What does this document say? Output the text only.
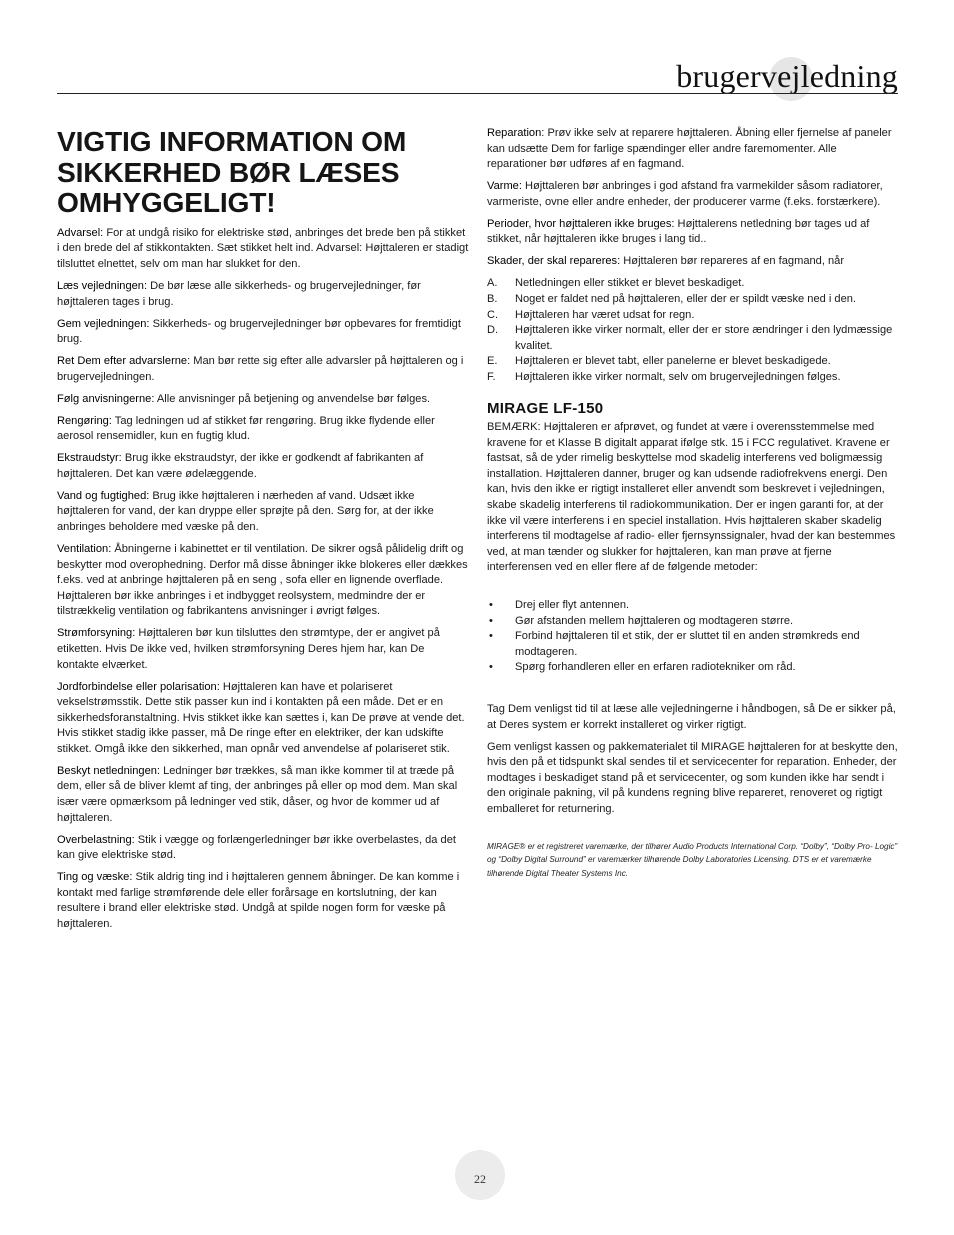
brugervejledning
VIGTIG INFORMATION OM SIKKERHED BØR LÆSES OMHYGGELIGT!

Advarsel: For at undgå risiko for elektriske stød, anbringes det brede ben på stikket i den brede del af stikkontakten. Sæt stikket helt ind. Advarsel: Højttaleren er stadigt tilsluttet elnettet, selv om man har slukket for den.

Læs vejledningen: De bør læse alle sikkerheds- og brugervejledninger, før højttaleren tages i brug.

Gem vejledningen: Sikkerheds- og brugervejledninger bør opbevares for fremtidigt brug.

Ret Dem efter advarslerne: Man bør rette sig efter alle advarsler på højttaleren og i brugervejledningen.

Følg anvisningerne: Alle anvisninger på betjening og anvendelse bør følges.

Rengøring: Tag ledningen ud af stikket før rengøring. Brug ikke flydende eller aerosol rensemidler, kun en fugtig klud.

Ekstraudstyr: Brug ikke ekstraudstyr, der ikke er godkendt af fabrikanten af højttaleren. Det kan være ødelæggende.

Vand og fugtighed: Brug ikke højttaleren i nærheden af vand. Udsæt ikke højttaleren for vand, der kan dryppe eller sprøjte på den. Sørg for, at der ikke anbringes beholdere med væske på den.

Ventilation: Åbningerne i kabinettet er til ventilation. De sikrer også pålidelig drift og beskytter mod overophedning. Derfor må disse åbninger ikke blokeres eller dækkes f.eks. ved at anbringe højttaleren på en seng , sofa eller en lignende overflade. Højttaleren bør ikke anbringes i et indbygget reolsystem, medmindre der er tilstrækkelig ventilation og fabrikantens anvisninger i øvrigt følges.

Strømforsyning: Højttaleren bør kun tilsluttes den strømtype, der er angivet på etiketten. Hvis De ikke ved, hvilken strømforsyning Deres hjem har, kan De kontakte elværket.

Jordforbindelse eller polarisation: Højttaleren kan have et polariseret vekselstrømsstik. Dette stik passer kun ind i kontakten på een måde. Det er en sikkerhedsforanstaltning. Hvis stikket ikke kan sættes i, kan De prøve at vende det. Hvis stikket stadig ikke passer, må De ringe efter en elektriker, der kan udskifte stikket. Omgå ikke den sikkerhed, man opnår ved anvendelse af polariseret stik.

Beskyt netledningen: Ledninger bør trækkes, så man ikke kommer til at træde på dem, eller så de bliver klemt af ting, der anbringes på eller op mod dem. Man skal især være opmærksom på ledninger ved stik, dåser, og hvor de kommer ud af højttaleren.

Overbelastning: Stik i vægge og forlængerledninger bør ikke overbelastes, da det kan give elektriske stød.

Ting og væske: Stik aldrig ting ind i højttaleren gennem åbninger. De kan komme i kontakt med farlige strømførende dele eller forårsage en kortslutning, der kan resultere i brand eller elektriske stød. Undgå at spilde nogen form for væske på højttaleren.

Reparation: Prøv ikke selv at reparere højttaleren. Åbning eller fjernelse af paneler kan udsætte Dem for farlige spændinger eller andre faremomenter. Alle reparationer bør udføres af en fagmand.

Varme: Højttaleren bør anbringes i god afstand fra varmekilder såsom radiatorer, varmeriste, ovne eller andre enheder, der producerer varme (f.eks. forstærkere).

Perioder, hvor højttaleren ikke bruges: Højttalerens netledning bør tages ud af stikket, når højttaleren ikke bruges i lang tid..

Skader, der skal repareres: Højttaleren bør repareres af en fagmand, når

A. Netledningen eller stikket er blevet beskadiget.
B. Noget er faldet ned på højttaleren, eller der er spildt væske ned i den.
C. Højttaleren har været udsat for regn.
D. Højttaleren ikke virker normalt, eller der er store ændringer i den lydmæssige kvalitet.
E. Højttaleren er blevet tabt, eller panelerne er blevet beskadigede.
F. Højttaleren ikke virker normalt, selv om brugervejledningen følges.
MIRAGE LF-150

BEMÆRK: Højttaleren er afprøvet, og fundet at være i overensstemmelse med kravene for et Klasse B digitalt apparat ifølge stk. 15 i FCC regulativet. Kravene er fastsat, så de yder rimelig beskyttelse mod skadelig interferens ved boligmæssig installation. Højttaleren danner, bruger og kan udsende radiofrekvens energi. Den kan, hvis den ikke er rigtigt installeret eller anvendt som beskrevet i vejledningen, skabe skadelig interferens til radiokommunikation. Der er ingen garanti for, at der ikke vil være interferens i en speciel installation. Hvis højttaleren skaber skadelig interferens til modtagelse af radio- eller fjernsynssignaler, hvad der kan bestemmes ved, at man tænder og slukker for højttaleren, kan man prøve at fjerne interferensen ved en eller flere af de følgende metoder:

• Drej eller flyt antennen.
• Gør afstanden mellem højttaleren og modtageren større.
• Forbind højttaleren til et stik, der er sluttet til en anden strømkreds end modtageren.
• Spørg forhandleren eller en erfaren radiotekniker om råd.

Tag Dem venligst tid til at læse alle vejledningerne i håndbogen, så De er sikker på, at Deres system er korrekt installeret og virker rigtigt.

Gem venligst kassen og pakkematerialet til MIRAGE højttaleren for at beskytte den, hvis den på et tidspunkt skal sendes til et servicecenter for reparation. Enheder, der modtages i beskadiget stand på et servicecenter, og som kunden ikke har sendt i den originale pakning, vil på kundens regning blive repareret, renoveret og rigtigt emballeret for returnering.

MIRAGE® er et registreret varemærke, der tilhører Audio Products International Corp. “Dolby”, “Dolby Pro- Logic” og “Dolby Digital Surround” er varemærker tilhørende Dolby Laboratories Licensing. DTS er et varemærke tilhørende Digital Theater Systems Inc.
22
